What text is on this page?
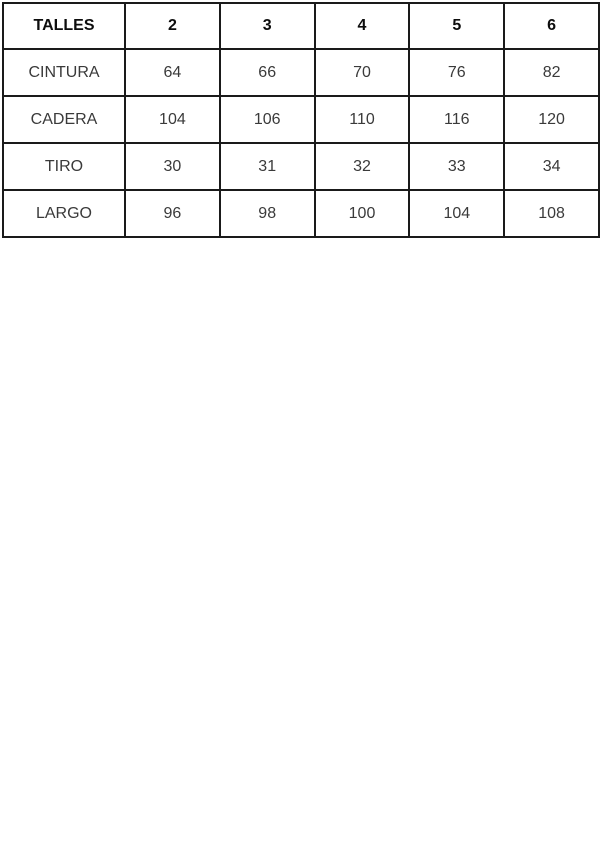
TALLES	2	3	4	5	6
CINTURA	64	66	70	76	82
CADERA	104	106	110	116	120
TIRO	30	31	32	33	34
LARGO	96	98	100	104	108
